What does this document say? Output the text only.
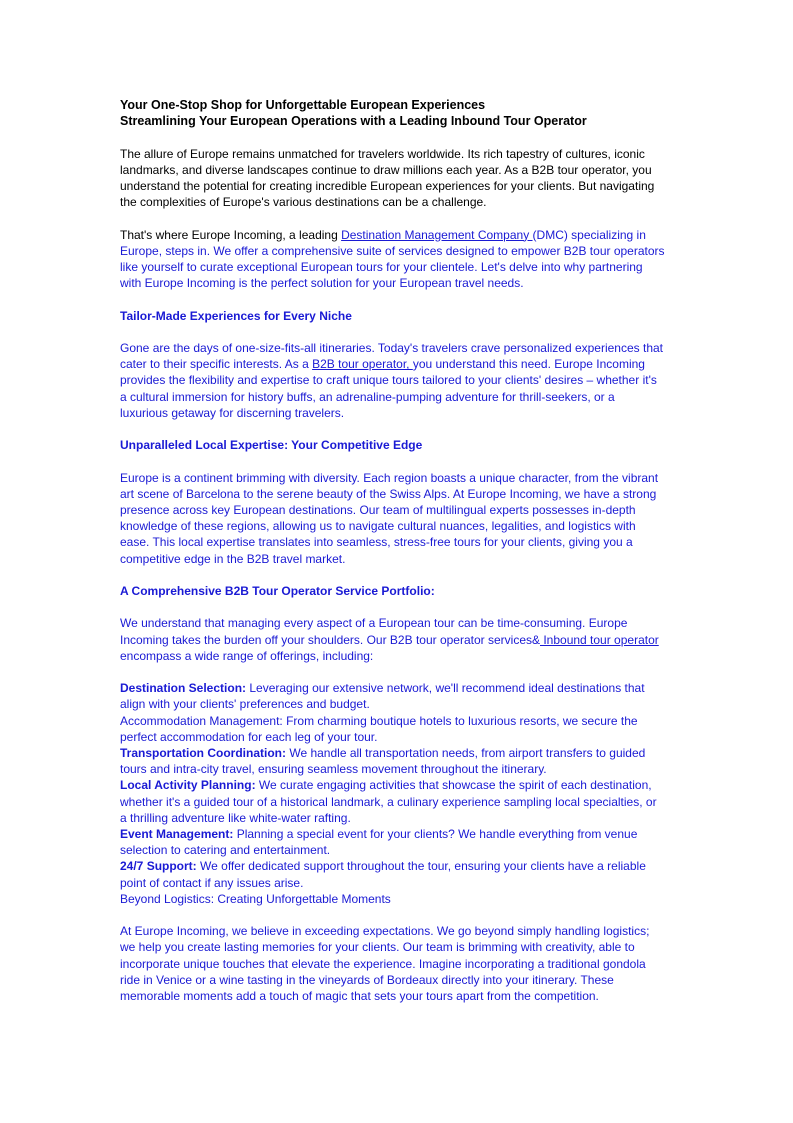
Your One-Stop Shop for Unforgettable European Experiences

Streamlining Your European Operations with a Leading Inbound Tour Operator

The allure of Europe remains unmatched for travelers worldwide. Its rich tapestry of cultures, iconic landmarks, and diverse landscapes continue to draw millions each year. As a B2B tour operator, you understand the potential for creating incredible European experiences for your clients. But navigating the complexities of Europe's various destinations can be a challenge.

That's where Europe Incoming, a leading Destination Management Company (DMC) specializing in Europe, steps in. We offer a comprehensive suite of services designed to empower B2B tour operators like yourself to curate exceptional European tours for your clientele. Let's delve into why partnering with Europe Incoming is the perfect solution for your European travel needs.

Tailor-Made Experiences for Every Niche

Gone are the days of one-size-fits-all itineraries. Today's travelers crave personalized experiences that cater to their specific interests. As a B2B tour operator, you understand this need. Europe Incoming provides the flexibility and expertise to craft unique tours tailored to your clients' desires – whether it's a cultural immersion for history buffs, an adrenaline-pumping adventure for thrill-seekers, or a luxurious getaway for discerning travelers.

Unparalleled Local Expertise: Your Competitive Edge

Europe is a continent brimming with diversity. Each region boasts a unique character, from the vibrant art scene of Barcelona to the serene beauty of the Swiss Alps. At Europe Incoming, we have a strong presence across key European destinations. Our team of multilingual experts possesses in-depth knowledge of these regions, allowing us to navigate cultural nuances, legalities, and logistics with ease. This local expertise translates into seamless, stress-free tours for your clients, giving you a competitive edge in the B2B travel market.

A Comprehensive B2B Tour Operator Service Portfolio:

We understand that managing every aspect of a European tour can be time-consuming. Europe Incoming takes the burden off your shoulders. Our B2B tour operator services& Inbound tour operator encompass a wide range of offerings, including:

Destination Selection: Leveraging our extensive network, we'll recommend ideal destinations that align with your clients' preferences and budget.

Accommodation Management: From charming boutique hotels to luxurious resorts, we secure the perfect accommodation for each leg of your tour.

Transportation Coordination: We handle all transportation needs, from airport transfers to guided tours and intra-city travel, ensuring seamless movement throughout the itinerary.

Local Activity Planning: We curate engaging activities that showcase the spirit of each destination, whether it's a guided tour of a historical landmark, a culinary experience sampling local specialties, or a thrilling adventure like white-water rafting.

Event Management: Planning a special event for your clients? We handle everything from venue selection to catering and entertainment.

24/7 Support: We offer dedicated support throughout the tour, ensuring your clients have a reliable point of contact if any issues arise.

Beyond Logistics: Creating Unforgettable Moments

At Europe Incoming, we believe in exceeding expectations. We go beyond simply handling logistics; we help you create lasting memories for your clients. Our team is brimming with creativity, able to incorporate unique touches that elevate the experience. Imagine incorporating a traditional gondola ride in Venice or a wine tasting in the vineyards of Bordeaux directly into your itinerary. These memorable moments add a touch of magic that sets your tours apart from the competition.
